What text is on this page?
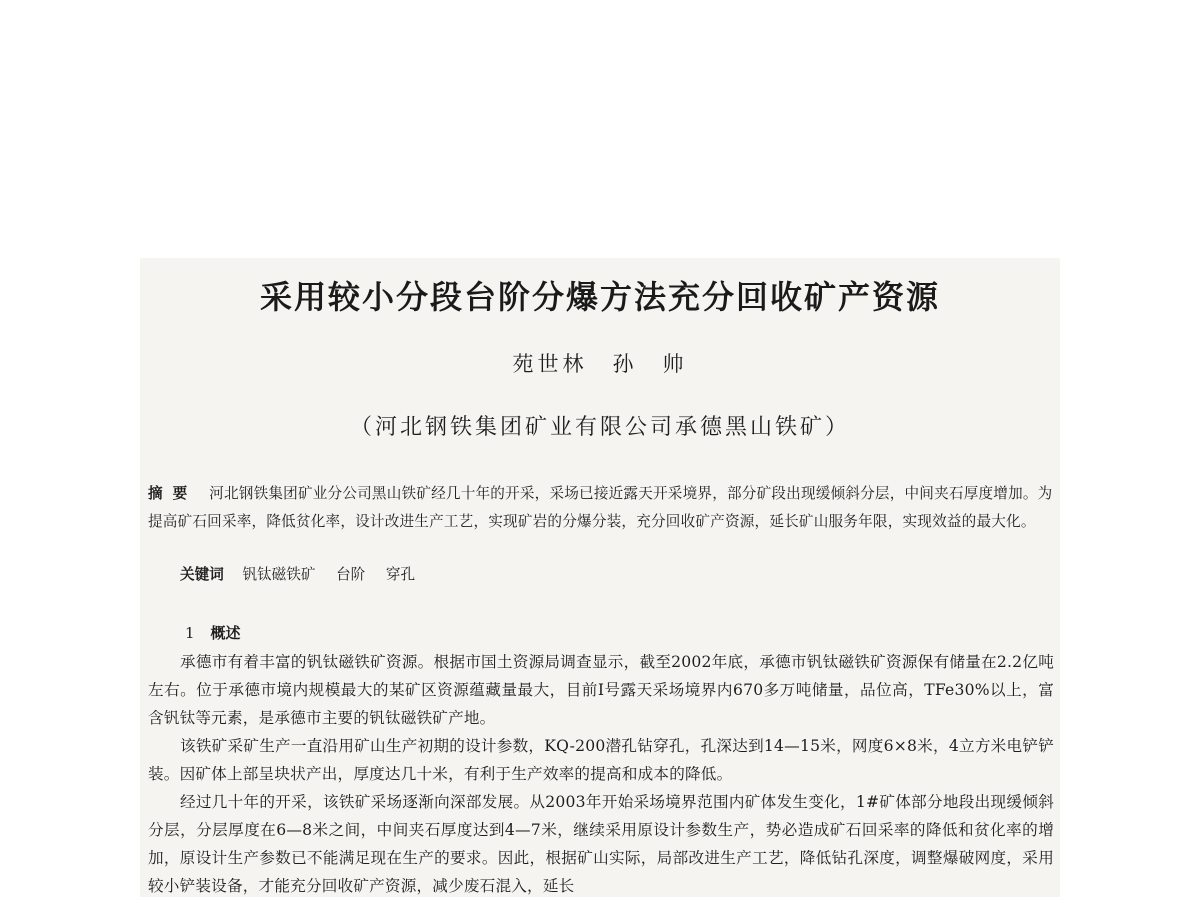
采用较小分段台阶分爆方法充分回收矿产资源
苑世林　孙　帅
（河北钢铁集团矿业有限公司承德黑山铁矿）
摘要 河北钢铁集团矿业分公司黑山铁矿经几十年的开采，采场已接近露天开采境界，部分矿段出现缓倾斜分层，中间夹石厚度增加。为提高矿石回采率，降低贫化率，设计改进生产工艺，实现矿岩的分爆分装，充分回收矿产资源，延长矿山服务年限，实现效益的最大化。
关键词 钒钛磁铁矿 台阶 穿孔
1 概述

承德市有着丰富的钒钛磁铁矿资源。根据市国土资源局调查显示，截至2002年底，承德市钒钛磁铁矿资源保有储量在2.2亿吨左右。位于承德市境内规模最大的某矿区资源蕴藏量最大，目前Ⅰ号露天采场境界内670多万吨储量，品位高，TFe30%以上，富含钒钛等元素，是承德市主要的钒钛磁铁矿产地。

该铁矿采矿生产一直沿用矿山生产初期的设计参数，KQ-200潜孔钻穿孔，孔深达到14—15米，网度6×8米，4立方米电铲铲装。因矿体上部呈块状产出，厚度达几十米，有利于生产效率的提高和成本的降低。

经过几十年的开采，该铁矿采场逐渐向深部发展。从2003年开始采场境界范围内矿体发生变化，1#矿体部分地段出现缓倾斜分层，分层厚度在6—8米之间，中间夹石厚度达到4—7米，继续采用原设计参数生产，势必造成矿石回采率的降低和贫化率的增加，原设计生产参数已不能满足现在生产的要求。因此，根据矿山实际，局部改进生产工艺，降低钻孔深度，调整爆破网度，采用较小铲装设备，才能充分回收矿产资源，减少废石混入，延长
